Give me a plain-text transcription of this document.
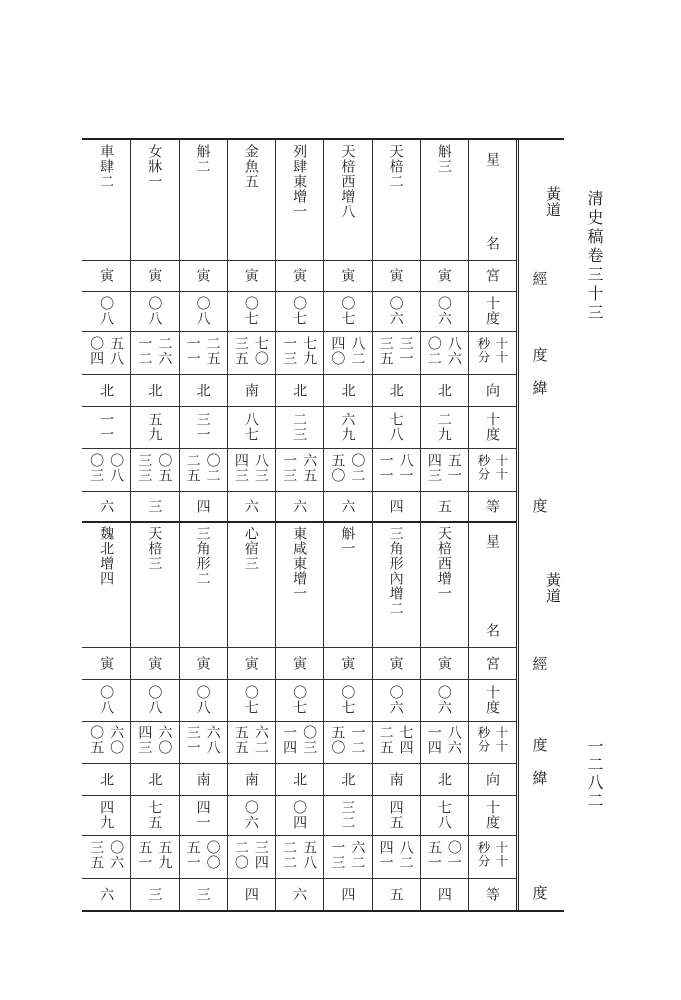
清史稿卷三十三
一二八二
黃道
經
度
緯
度
黃道
經
度
緯
度
星
名
宮
十度
十十秒分
向
十度
十十秒分
等
星
名
宮
十度
十十秒分
向
十度
十十秒分
等
斛三
天棓二
天棓西增八
列肆東增一
金魚五
斛二
女牀一
車肆二
寅
寅
寅
寅
寅
寅
寅
寅
〇六
〇六
〇七
〇七
〇七
〇八
〇八
〇八
〇二 八六
三五 三一
四〇 八二
一三 七九
三五 七〇
一一 二五
一二 二六
〇四 五八
北
北
北
北
南
北
北
北
二九
七八
六九
二三
八七
三一
五九
一一
四三 五一
一一 八一
五〇 〇二
一三 六五
四三 八三
二五 〇二
三三 〇五
〇三 〇八
五
四
六
六
六
四
三
六
天棓西增一
三角形內增二
斛一
東咸東增一
心宿三
三角形二
天棓三
魏北增四
寅
寅
寅
寅
寅
寅
寅
寅
〇六
〇六
〇七
〇七
〇七
〇八
〇八
〇八
一四 八六
二五 七四
五〇 一二
一四 〇三
五五 六二
三一 六八
四三 六〇
〇五 六〇
北
南
北
北
南
南
北
北
七八
四五
三二
〇四
〇六
四一
七五
四九
五一 〇一
四一 八二
一三 六二
二二 五八
二〇 三四
五一 〇〇
五一 五九
三五 〇六
四
五
四
六
四
三
三
六
